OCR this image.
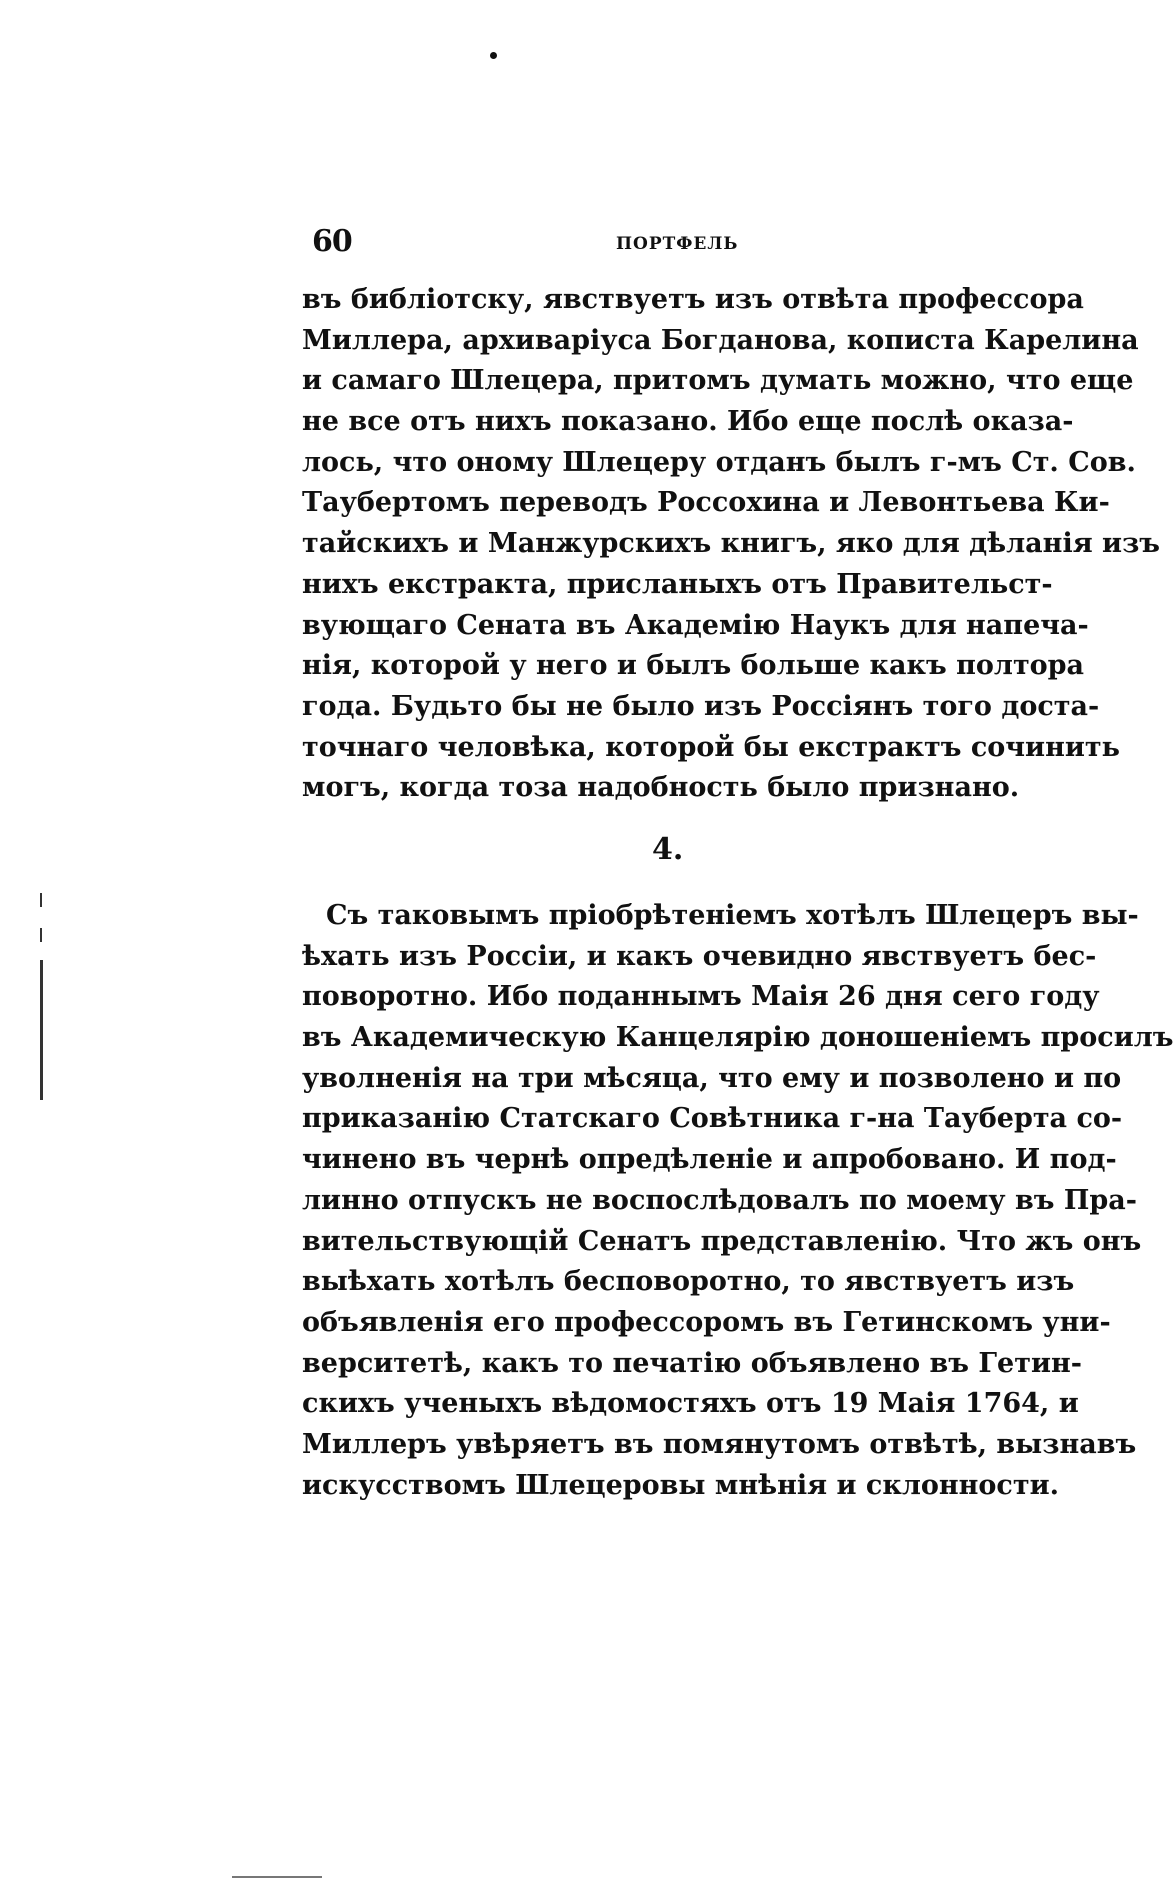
60	ПОРТФЕЛЬ
въ библіотску, явствуетъ изъ отвѣта профессора
Миллера, архиваріуса Богданова, кописта Карелина
и самаго Шлецера, притомъ думать можно, что еще
не все отъ нихъ показано. Ибо еще послѣ оказа-
лось, что оному Шлецеру отданъ былъ г-мъ Ст. Сов.
Таубертомъ переводъ Россохина и Левонтьева Ки-
тайскихъ и Манжурскихъ книгъ, яко для дѣланія изъ
нихъ екстракта, присланыхъ отъ Правительст-
вующаго Сената въ Академію Наукъ для напеча-
нія, которой у него и былъ больше какъ полтора
года. Будьто бы не было изъ Россіянъ того доста-
точнаго человѣка, которой бы екстрактъ сочинить
могъ, когда тоза надобность было признано.
4.
Съ таковымъ пріобрѣтеніемъ хотѣлъ Шлецеръ вы-
ѣхать изъ Россіи, и какъ очевидно явствуетъ бес-
поворотно. Ибо поданнымъ Маія 26 дня сего году
въ Академическую Канцелярію доношеніемъ просилъ
уволненія на три мѣсяца, что ему и позволено и по
приказанію Статскаго Совѣтника г-на Тауберта со-
чинено въ чернѣ опредѣленіе и апробовано. И под-
линно отпускъ не воспослѣдовалъ по моему въ Пра-
вительствующій Сенатъ представленію. Что жъ онъ
выѣхать хотѣлъ бесповоротно, то явствуетъ изъ
объявленія его профессоромъ въ Гетинскомъ уни-
верситетѣ, какъ то печатію объявлено въ Гетин-
скихъ ученыхъ вѣдомостяхъ отъ 19 Маія 1764, и
Миллеръ увѣряетъ въ помянутомъ отвѣтѣ, вызнавъ
искусствомъ Шлецеровы мнѣнія и склонности.
